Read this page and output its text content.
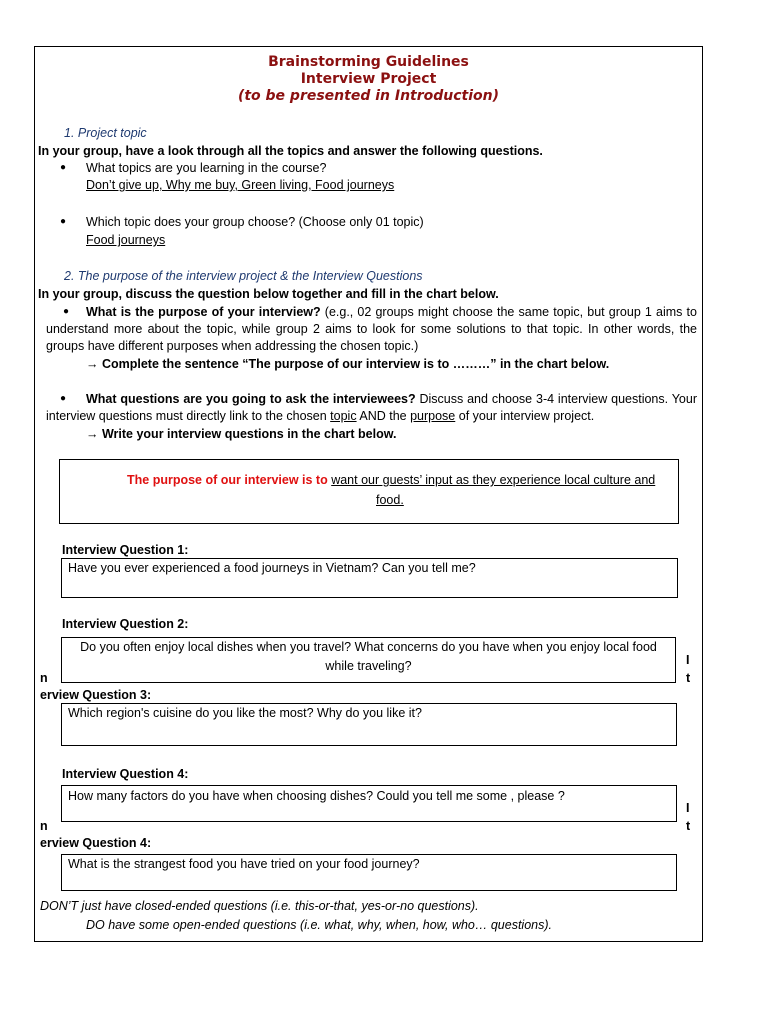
Brainstorming Guidelines
Interview Project
(to be presented in Introduction)
1. Project topic
In your group, have a look through all the topics and answer the following questions.
● What topics are you learning in the course?
Don’t give up, Why me buy, Green living, Food journeys
● Which topic does your group choose? (Choose only 01 topic)
Food journeys
2. The purpose of the interview project & the Interview Questions
In your group, discuss the question below together and fill in the chart below.
●	What is the purpose of your interview? (e.g., 02 groups might choose the same topic, but group 1 aims to understand more about the topic, while group 2 aims to look for some solutions to that topic. In other words, the groups have different purposes when addressing the chosen topic.)
→ Complete the sentence “The purpose of our interview is to ………” in the chart below.
●	What questions are you going to ask the interviewees? Discuss and choose 3-4 interview questions. Your interview questions must directly link to the chosen topic AND the purpose of your interview project.
→ Write your interview questions in the chart below.
The purpose of our interview is to want our guests’ input as they experience local culture and
food.
Interview Question 1:
Have you ever experienced a food journeys in Vietnam? Can you tell me?
Interview Question 2:
Do you often enjoy local dishes when you travel? What concerns do you have when you enjoy local food
while traveling?	I
n	t
erview Question 3:
Which region's cuisine do you like the most? Why do you like it?
Interview Question 4:
How many factors do you have when choosing dishes? Could you tell me some , please ?
I
n	t
erview Question 4:
What is the strangest food you have tried on your food journey?
DON’T just have closed-ended questions (i.e. this-or-that, yes-or-no questions).
DO have some open-ended questions (i.e. what, why, when, how, who… questions).
